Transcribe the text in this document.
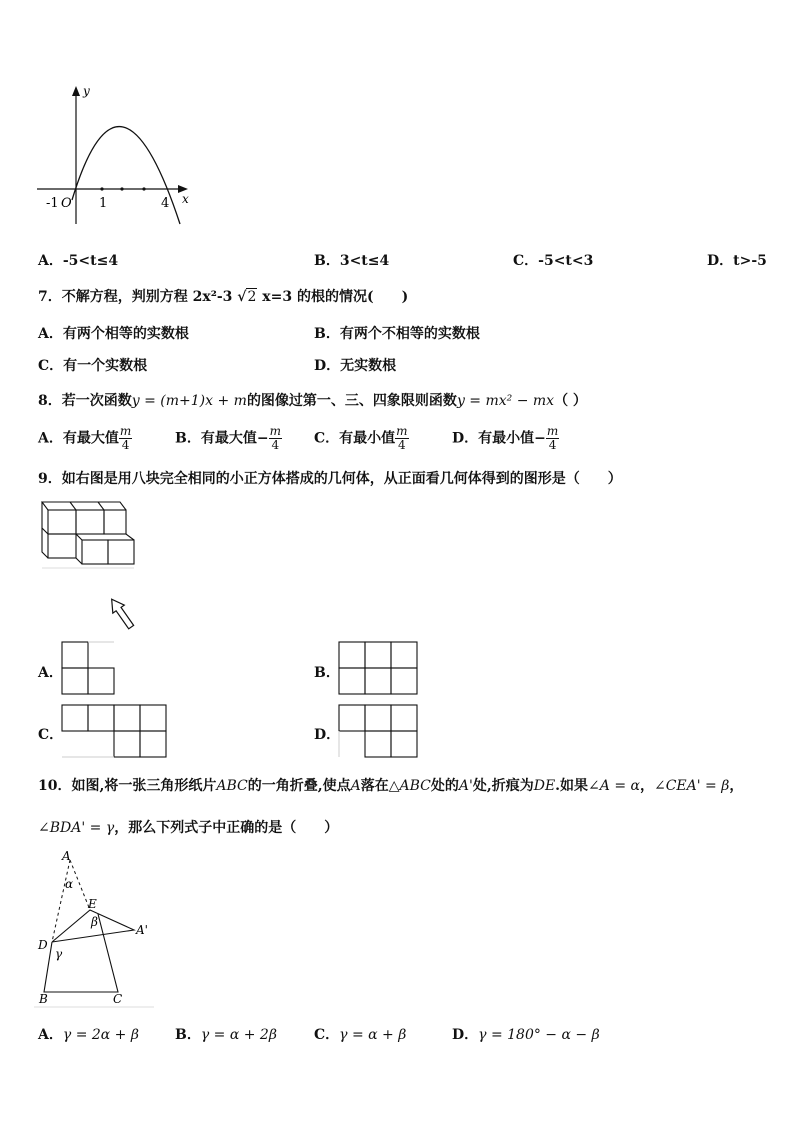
y
x
-1 O 1	4
A．-5<t≤4	B．3<t≤4	C．-5<t<3	D．t>-5
7．不解方程，判别方程 2x²-3 √2 x=3 的根的情况(　　)
A．有两个相等的实数根	B．有两个不相等的实数根
C．有一个实数根	D．无实数根
8．若一次函数y = (m+1)x + m的图像过第一、三、四象限则函数y = mx² − mx（ ）
A．有最大值 $\frac{m}{4}$	B．有最大值− $\frac{m}{4}$ C．有最小值 $\frac{m}{4}$	D．有最小值− $\frac{m}{4}$
9．如右图是用八块完全相同的小正方体搭成的几何体，从正面看几何体得到的图形是（　　）
A．	B．
C．	D．
10．如图,将一张三角形纸片ABC的一角折叠,使点A落在△ABC处的A'处,折痕为DE.如果∠A = α，∠CEA' = β，
∠BDA' = γ，那么下列式子中正确的是（　　）
A
α
E
β
A'
D
γ
B	C
A．γ = 2α + β	B．γ = α + 2β	C．γ = α + β	D．γ = 180° − α − β
